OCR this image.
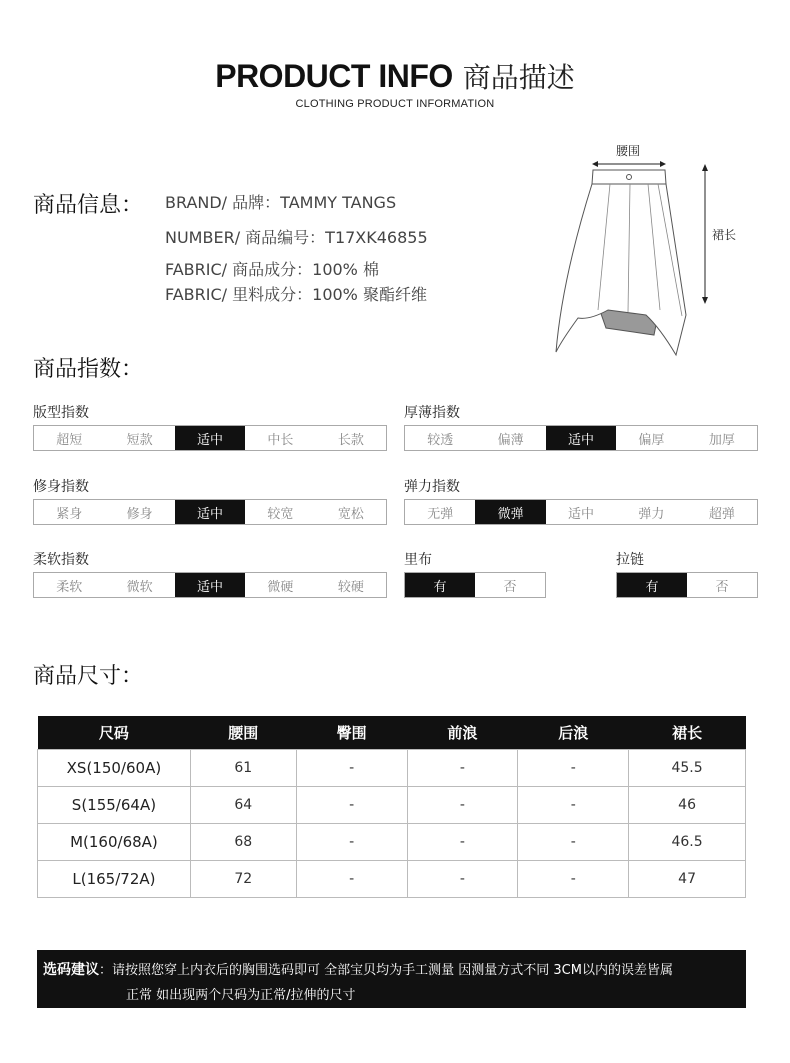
PRODUCT INFO 商品描述
CLOTHING PRODUCT INFORMATION
商品信息： BRAND/ 品牌：TAMMY TANGS
NUMBER/ 商品编号：T17XK46855
FABRIC/ 商品成分：100% 棉
FABRIC/ 里料成分：100% 聚酯纤维
腰围
裙长
商品指数：
版型指数
超短	短款	适中	中长	长款
厚薄指数
较透	偏薄	适中	偏厚	加厚
修身指数
紧身	修身	适中	较宽	宽松
弹力指数
无弹	微弹	适中	弹力	超弹
柔软指数
柔软	微软	适中	微硬	较硬
里布
有	否
拉链
有	否
商品尺寸：
尺码	腰围	臀围	前浪	后浪	裙长
XS(150/60A)	61	-	-	-	45.5
S(155/64A)	64	-	-	-	46
M(160/68A)	68	-	-	-	46.5
L(165/72A)	72	-	-	-	47
选码建议：请按照您穿上内衣后的胸围选码即可 全部宝贝均为手工测量 因测量方式不同 3CM以内的误差皆属
正常 如出现两个尺码为正常/拉伸的尺寸
